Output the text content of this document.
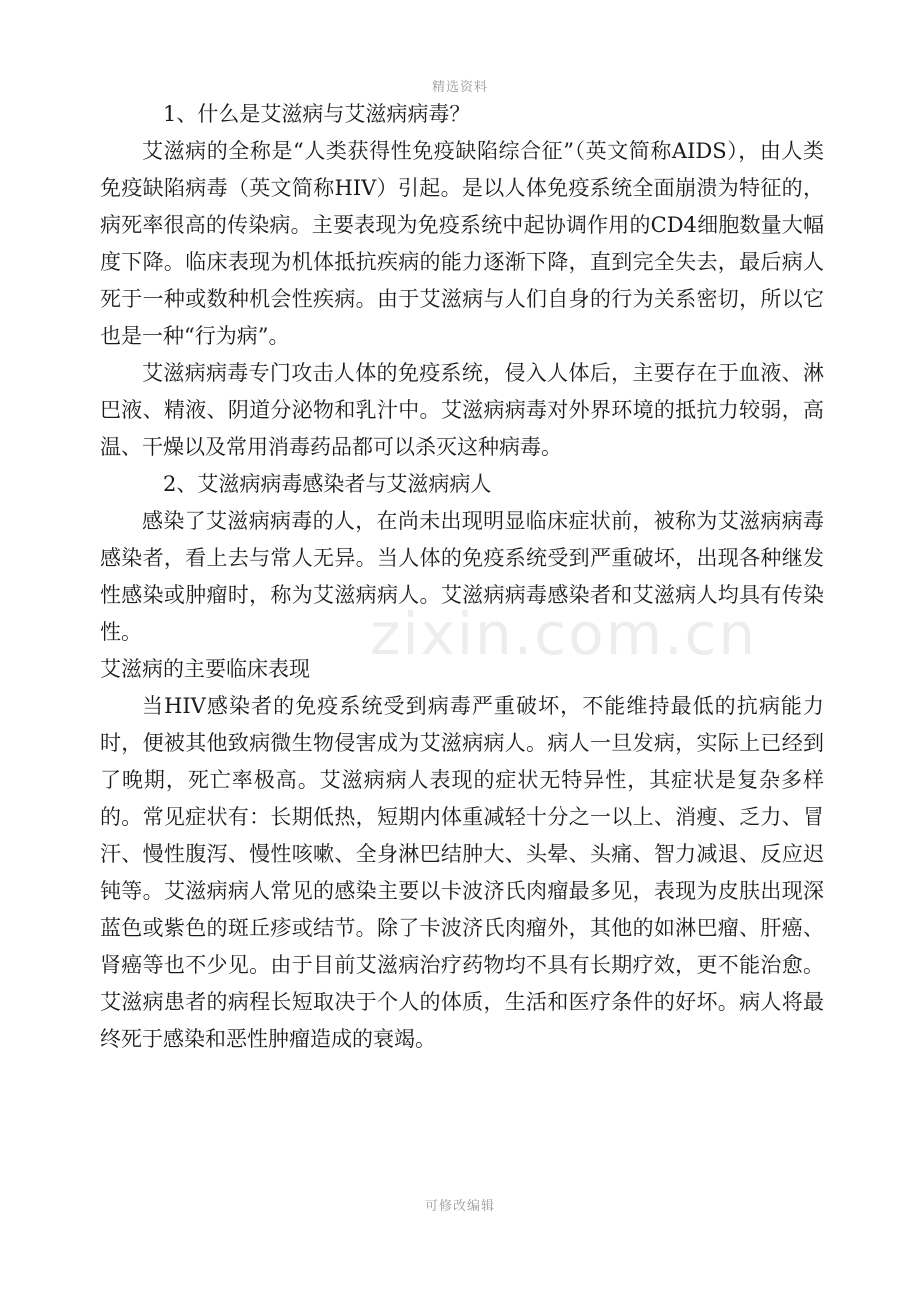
精选资料
zixin.com.cn

1、什么是艾滋病与艾滋病病毒？

艾滋病的全称是“人类获得性免疫缺陷综合征”（英文简称AIDS），由人类免疫缺陷病毒（英文简称HIV）引起。是以人体免疫系统全面崩溃为特征的，病死率很高的传染病。主要表现为免疫系统中起协调作用的CD4细胞数量大幅度下降。临床表现为机体抵抗疾病的能力逐渐下降，直到完全失去，最后病人死于一种或数种机会性疾病。由于艾滋病与人们自身的行为关系密切，所以它也是一种“行为病”。

艾滋病病毒专门攻击人体的免疫系统，侵入人体后，主要存在于血液、淋巴液、精液、阴道分泌物和乳汁中。艾滋病病毒对外界环境的抵抗力较弱，高温、干燥以及常用消毒药品都可以杀灭这种病毒。

2、艾滋病病毒感染者与艾滋病病人

感染了艾滋病病毒的人，在尚未出现明显临床症状前，被称为艾滋病病毒感染者，看上去与常人无异。当人体的免疫系统受到严重破坏，出现各种继发性感染或肿瘤时，称为艾滋病病人。艾滋病病毒感染者和艾滋病人均具有传染性。

艾滋病的主要临床表现

当HIV感染者的免疫系统受到病毒严重破坏，不能维持最低的抗病能力时，便被其他致病微生物侵害成为艾滋病病人。病人一旦发病，实际上已经到了晚期，死亡率极高。艾滋病病人表现的症状无特异性，其症状是复杂多样的。常见症状有：长期低热，短期内体重减轻十分之一以上、消瘦、乏力、冒汗、慢性腹泻、慢性咳嗽、全身淋巴结肿大、头晕、头痛、智力减退、反应迟钝等。艾滋病病人常见的感染主要以卡波济氏肉瘤最多见，表现为皮肤出现深蓝色或紫色的斑丘疹或结节。除了卡波济氏肉瘤外，其他的如淋巴瘤、肝癌、肾癌等也不少见。由于目前艾滋病治疗药物均不具有长期疗效，更不能治愈。艾滋病患者的病程长短取决于个人的体质，生活和医疗条件的好坏。病人将最终死于感染和恶性肿瘤造成的衰竭。

可修改编辑
